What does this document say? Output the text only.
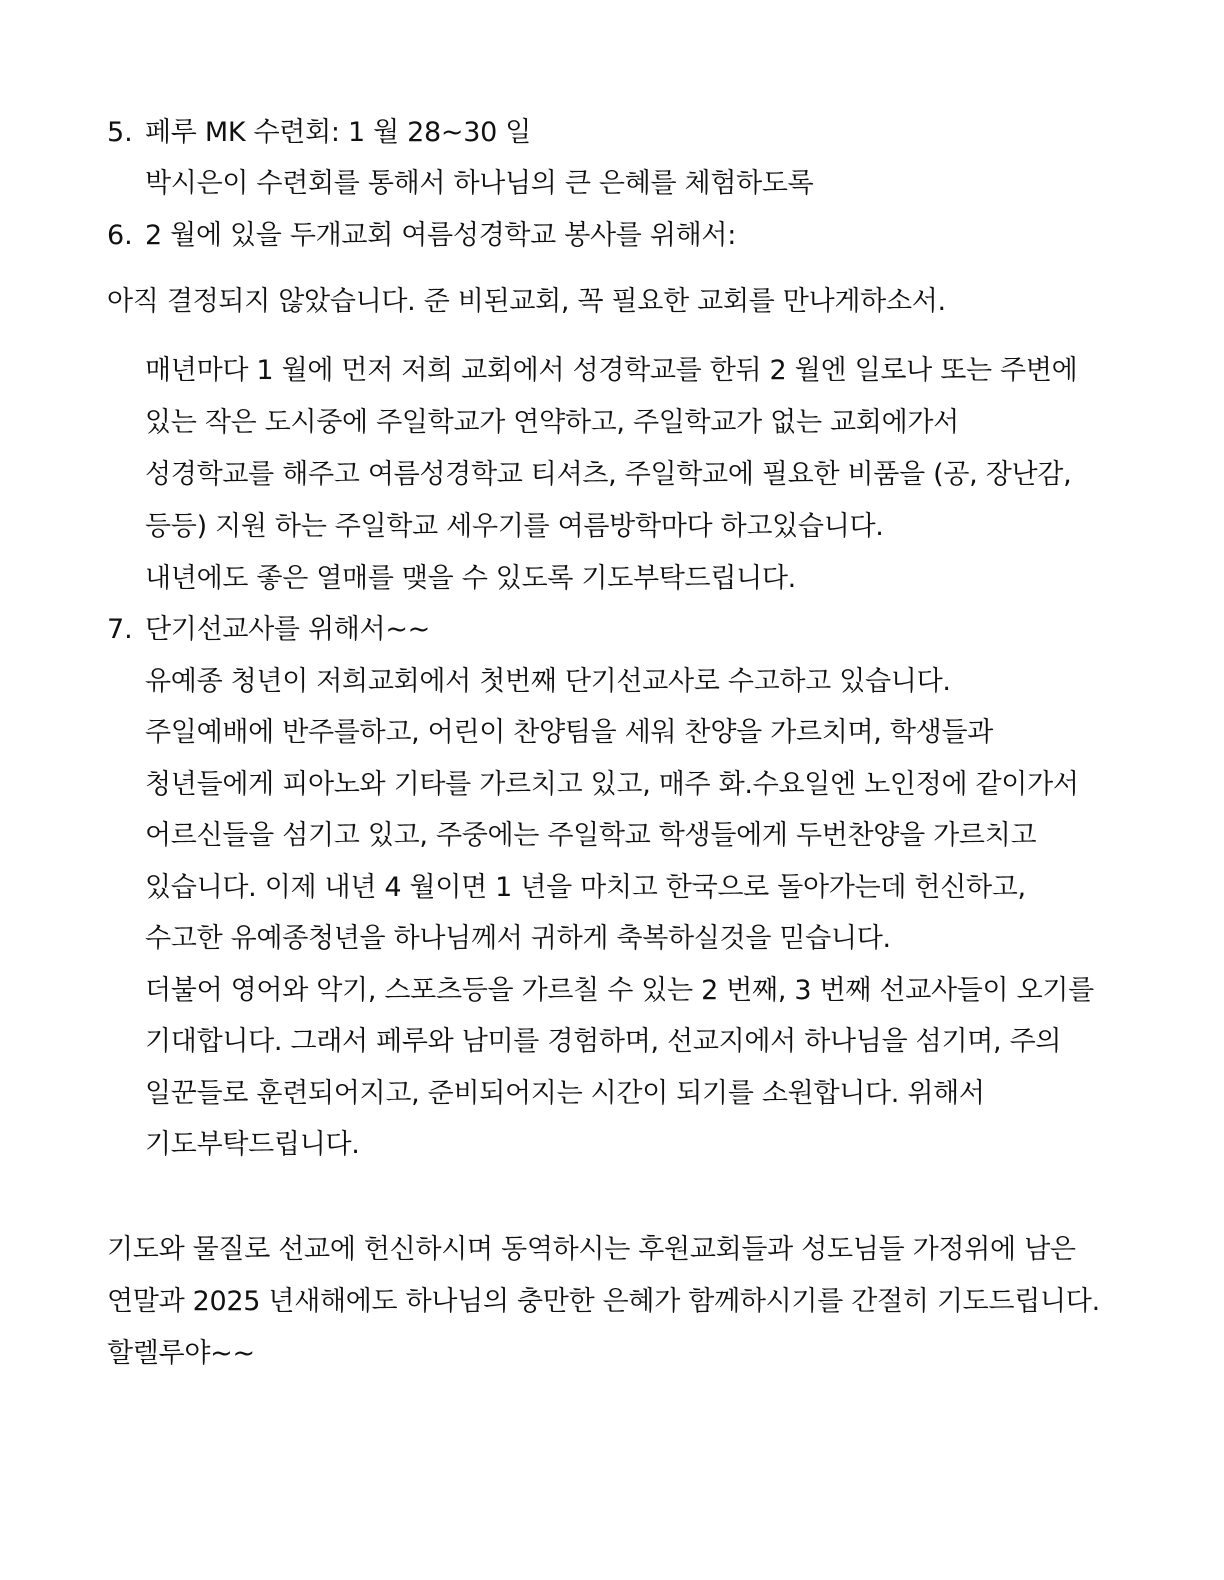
5. 페루 MK 수련회: 1 월 28~30 일
박시은이 수련회를 통해서 하나님의 큰 은혜를 체험하도록
6. 2 월에 있을 두개교회 여름성경학교 봉사를 위해서:
아직 결정되지 않았습니다. 준 비된교회, 꼭 필요한 교회를 만나게하소서.
매년마다 1 월에 먼저 저희 교회에서 성경학교를 한뒤 2 월엔 일로나 또는 주변에
있는 작은 도시중에 주일학교가 연약하고, 주일학교가 없는 교회에가서
성경학교를 해주고 여름성경학교 티셔츠, 주일학교에 필요한 비품을 (공, 장난감,
등등) 지원 하는 주일학교 세우기를 여름방학마다 하고있습니다.
내년에도 좋은 열매를 맺을 수 있도록 기도부탁드립니다.
7. 단기선교사를 위해서~~
유예종 청년이 저희교회에서 첫번째 단기선교사로 수고하고 있습니다.
주일예배에 반주를하고, 어린이 찬양팀을 세워 찬양을 가르치며, 학생들과
청년들에게 피아노와 기타를 가르치고 있고, 매주 화.수요일엔 노인정에 같이가서
어르신들을 섬기고 있고, 주중에는 주일학교 학생들에게 두번찬양을 가르치고
있습니다. 이제 내년 4 월이면 1 년을 마치고 한국으로 돌아가는데 헌신하고,
수고한 유예종청년을 하나님께서 귀하게 축복하실것을 믿습니다.
더불어 영어와 악기, 스포츠등을 가르칠 수 있는 2 번째, 3 번째 선교사들이 오기를
기대합니다. 그래서 페루와 남미를 경험하며, 선교지에서 하나님을 섬기며, 주의
일꾼들로 훈련되어지고, 준비되어지는 시간이 되기를 소원합니다. 위해서
기도부탁드립니다.
기도와 물질로 선교에 헌신하시며 동역하시는 후원교회들과 성도님들 가정위에 남은
연말과 2025 년새해에도 하나님의 충만한 은혜가 함께하시기를 간절히 기도드립니다.
할렐루야~~
